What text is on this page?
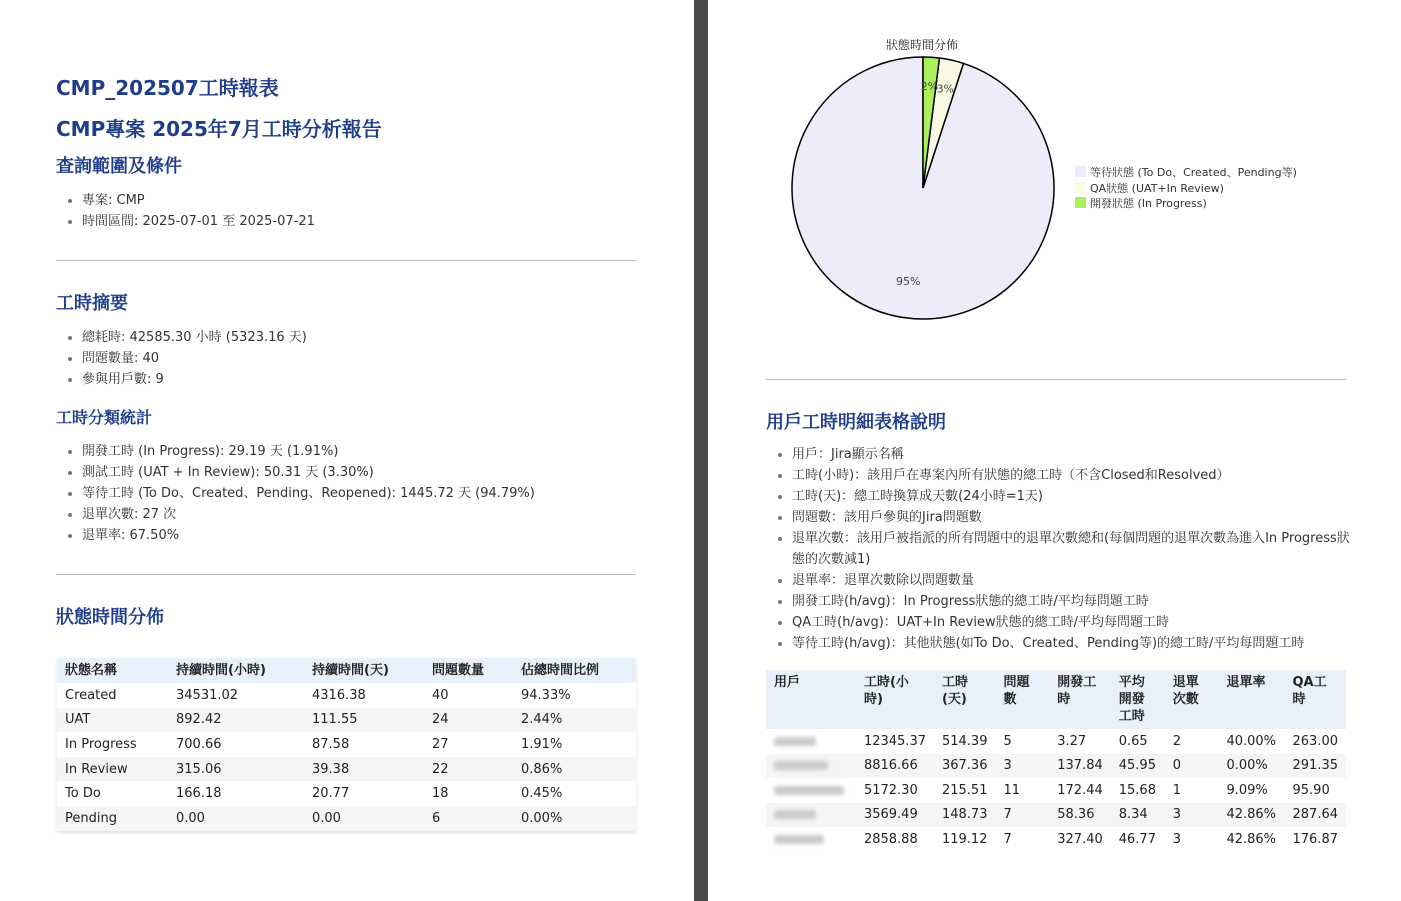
CMP_202507工時報表
CMP專案 2025年7月工時分析報告
查詢範圍及條件
• 專案: CMP
• 時間區間: 2025-07-01 至 2025-07-21
工時摘要
• 總耗時: 42585.30 小時 (5323.16 天)
• 問題數量: 40
• 參與用戶數: 9
工時分類統計
• 開發工時 (In Progress): 29.19 天 (1.91%)
• 測試工時 (UAT + In Review): 50.31 天 (3.30%)
• 等待工時 (To Do、Created、Pending、Reopened): 1445.72 天 (94.79%)
• 退單次數: 27 次
• 退單率: 67.50%
狀態時間分佈
狀態名稱	持續時間(小時)	持續時間(天)	問題數量	佔總時間比例
Created	34531.02	4316.38	40	94.33%
UAT	892.42	111.55	24	2.44%
In Progress	700.66	87.58	27	1.91%
In Review	315.06	39.38	22	0.86%
To Do	166.18	20.77	18	0.45%
Pending	0.00	0.00	6	0.00%
狀態時間分佈
95%
3%
2%
等待狀態 (To Do、Created、Pending等)
QA狀態 (UAT+In Review)
開發狀態 (In Progress)
用戶工時明細表格說明
• 用戶：Jira顯示名稱
• 工時(小時)：該用戶在專案內所有狀態的總工時（不含Closed和Resolved）
• 工時(天)：總工時換算成天數(24小時=1天)
• 問題數：該用戶參與的Jira問題數
• 退單次數：該用戶被指派的所有問題中的退單次數總和(每個問題的退單次數為進入In Progress狀態的次數減1)
• 退單率：退單次數除以問題數量
• 開發工時(h/avg)：In Progress狀態的總工時/平均每問題工時
• QA工時(h/avg)：UAT+In Review狀態的總工時/平均每問題工時
• 等待工時(h/avg)：其他狀態(如To Do、Created、Pending等)的總工時/平均每問題工時
用戶	工時(小時)	工時(天)	問題數	開發工時	平均開發工時	退單次數	退單率	QA工時
	12345.37	514.39	5	3.27	0.65	2	40.00%	263.00
	8816.66	367.36	3	137.84	45.95	0	0.00%	291.35
	5172.30	215.51	11	172.44	15.68	1	9.09%	95.90
	3569.49	148.73	7	58.36	8.34	3	42.86%	287.64
	2858.88	119.12	7	327.40	46.77	3	42.86%	176.87
